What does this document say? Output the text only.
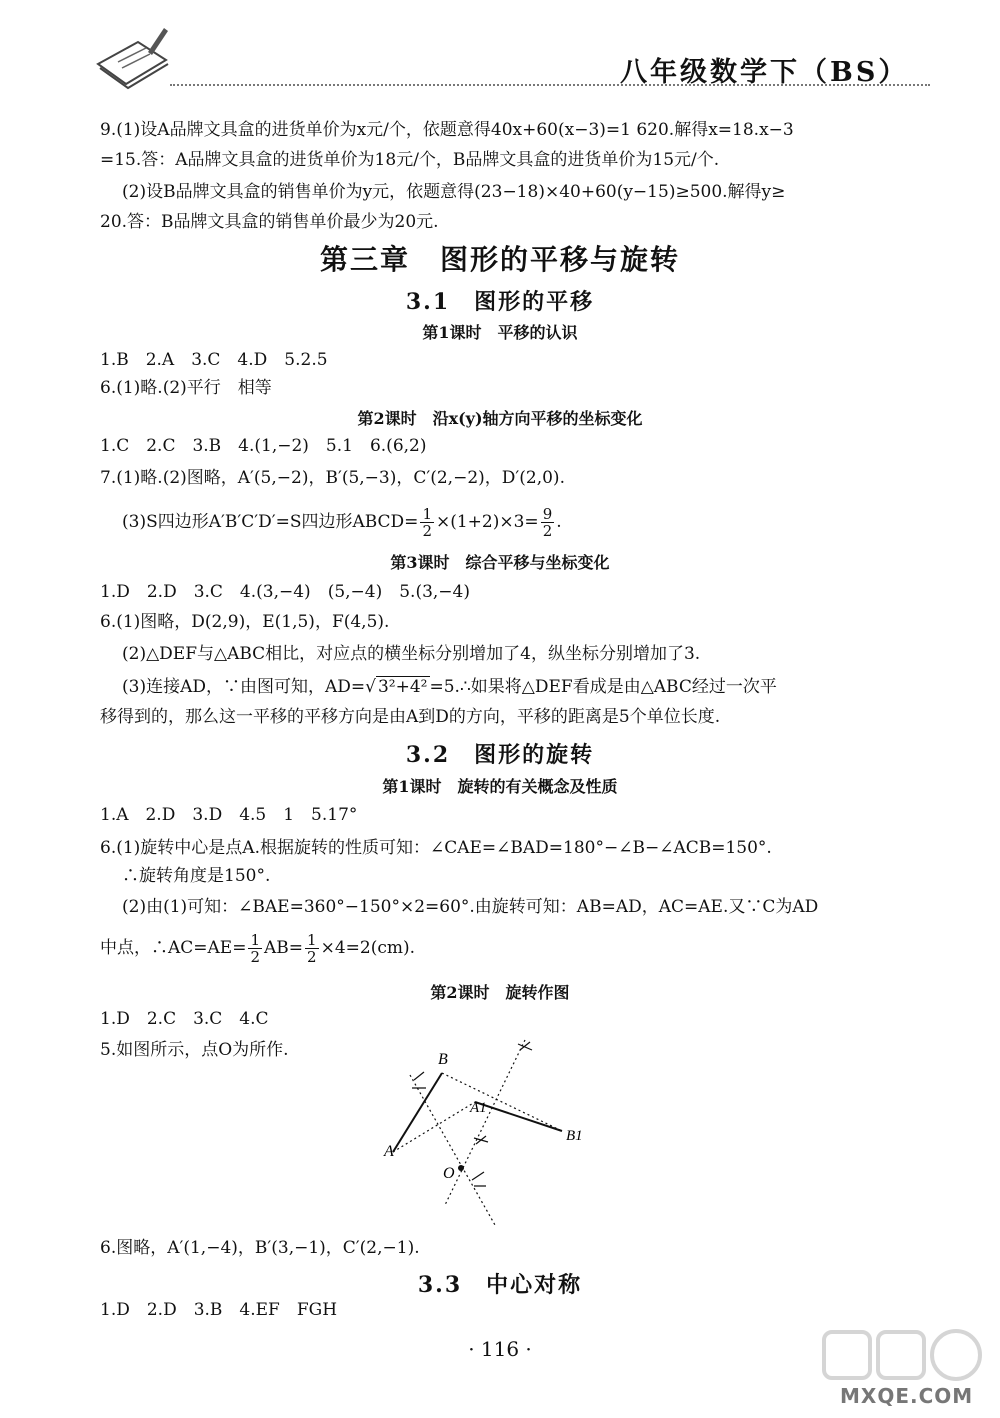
八年级数学下（BS）
9.(1)设A品牌文具盒的进货单价为x元/个，依题意得40x+60(x−3)=1 620.解得x=18.x−3
=15.答：A品牌文具盒的进货单价为18元/个，B品牌文具盒的进货单价为15元/个.
(2)设B品牌文具盒的销售单价为y元，依题意得(23−18)×40+60(y−15)≥500.解得y≥
20.答：B品牌文具盒的销售单价最少为20元.
第三章　图形的平移与旋转
3.1　图形的平移
第1课时　平移的认识
1.B　2.A　3.C　4.D　5.2.5
6.(1)略.(2)平行　相等
第2课时　沿x(y)轴方向平移的坐标变化
1.C　2.C　3.B　4.(1,−2)　5.1　6.(6,2)
7.(1)略.(2)图略，A′(5,−2)，B′(5,−3)，C′(2,−2)，D′(2,0).
(3)S四边形A′B′C′D′=S四边形ABCD= $\frac{1}{2} \times(1+2)\times 3= \frac{9}{2}$ .
第3课时　综合平移与坐标变化
1.D　2.D　3.C　4.(3,−4)　(5,−4)　5.(3,−4)
6.(1)图略，D(2,9)，E(1,5)，F(4,5).
(2)△DEF与△ABC相比，对应点的横坐标分别增加了4，纵坐标分别增加了3.
(3)连接AD，∵由图可知，AD=√ 3²+4² =5.∴如果将△DEF看成是由△ABC经过一次平
移得到的，那么这一平移的平移方向是由A到D的方向，平移的距离是5个单位长度.
3.2　图形的旋转
第1课时　旋转的有关概念及性质
1.A　2.D　3.D　4.5　1　5.17°
6.(1)旋转中心是点A.根据旋转的性质可知：∠CAE=∠BAD=180°−∠B−∠ACB=150°.
∴旋转角度是150°.
(2)由(1)可知：∠BAE=360°−150°×2=60°.由旋转可知：AB=AD，AC=AE.又∵C为AD
中点，∴AC=AE= $\frac{1}{2} AB= \frac{1}{2} \times 4=2(cm)$.
第2课时　旋转作图
1.D　2.C　3.C　4.C
5.如图所示，点O为所作.	B
A1
B1
A
O
6.图略，A′(1,−4)，B′(3,−1)，C′(2,−1).
3.3　中心对称
1.D　2.D　3.B　4.EF　FGH
· 116 ·
MXQE.COM
